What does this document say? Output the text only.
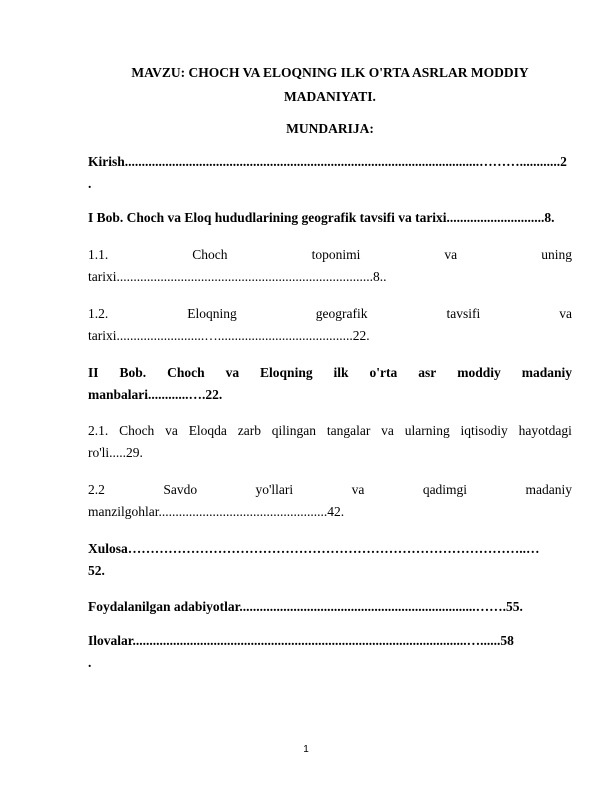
MAVZU: CHOCH VA ELOQNING ILK O'RTA ASRLAR MODDIY
MADANIYATI.
MUNDARIJA:
Kirish.........................................................................................................………............2
.
I Bob. Choch va Eloq hududlarining geografik tavsifi va tarixi.............................8.
1.1.	Choch	toponimi	va	uning
tarixi............................................................................8..
1.2.	Eloqning	geografik	tavsifi	va
tarixi..........................…........................................22.
II Bob. Choch va Eloqning ilk o'rta asr moddiy madaniy
manbalari............….22.
2.1. Choch va Eloqda zarb qilingan tangalar va ularning iqtisodiy hayotdagi
ro'li.....29.
2.2	Savdo	yo'llari	va	qadimgi	madaniy
manzilgohlar..................................................42.
Xulosa……………………………………………………………………………..…
52.
Foydalanilgan adabiyotlar......................................................................…….55.
Ilovalar...................................................................................................…......58
.
1
